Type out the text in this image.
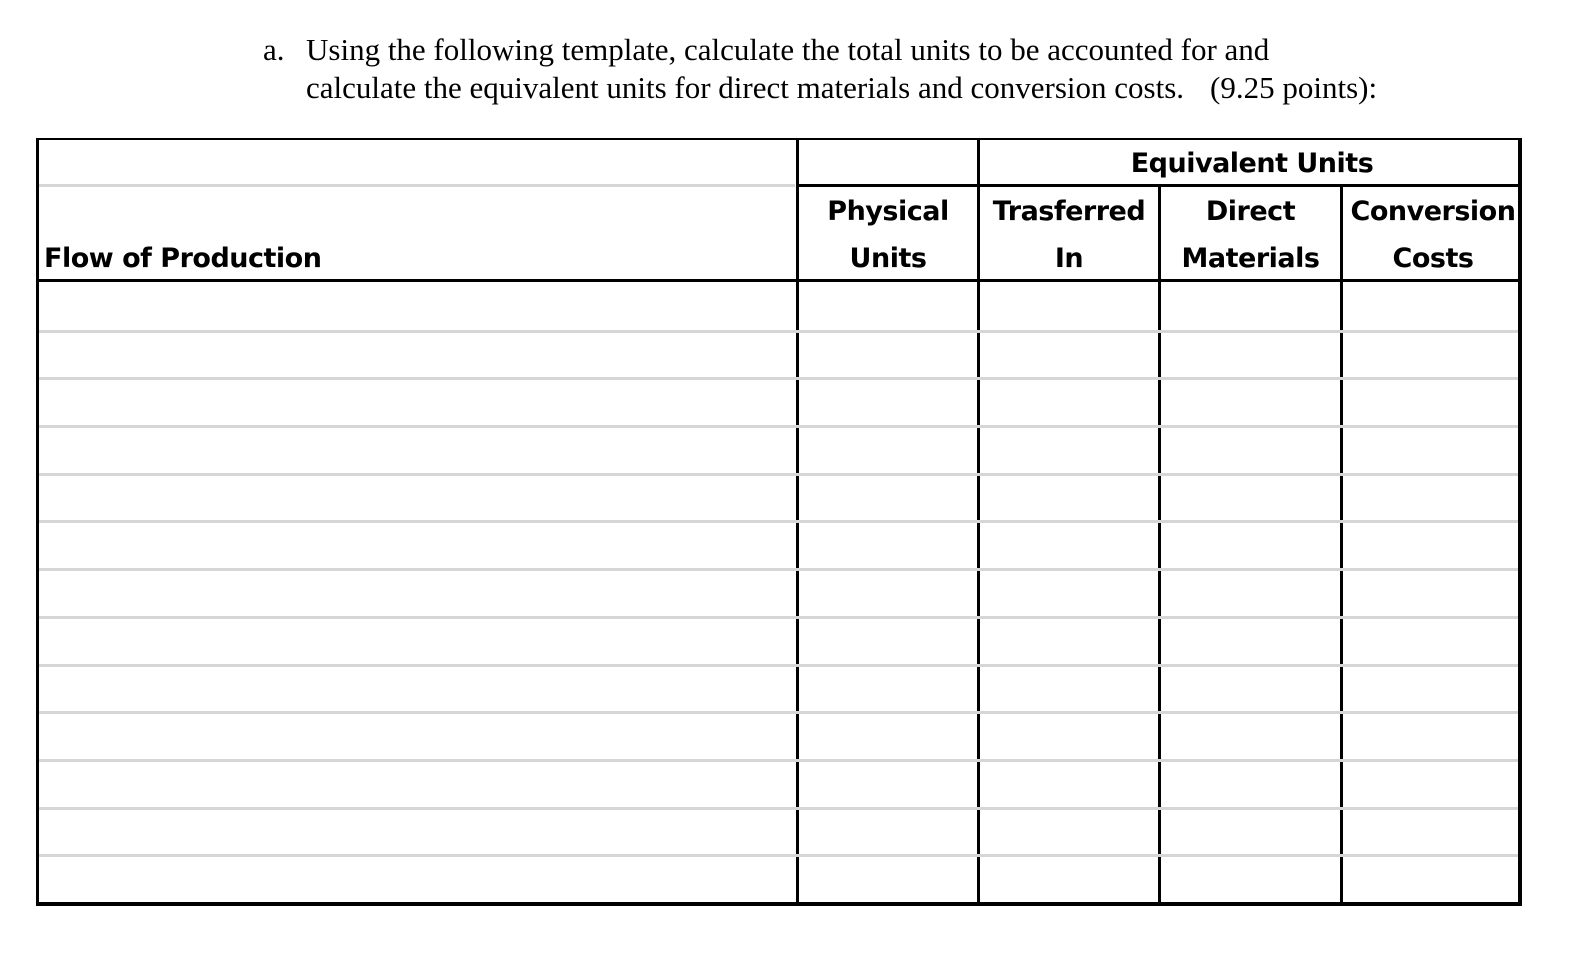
a. Using the following template, calculate the total units to be accounted for and
calculate the equivalent units for direct materials and conversion costs. (9.25 points):
Equivalent Units
Physical
Units
Trasferred
In
Direct
Materials
Conversion
Costs
Flow of Production
